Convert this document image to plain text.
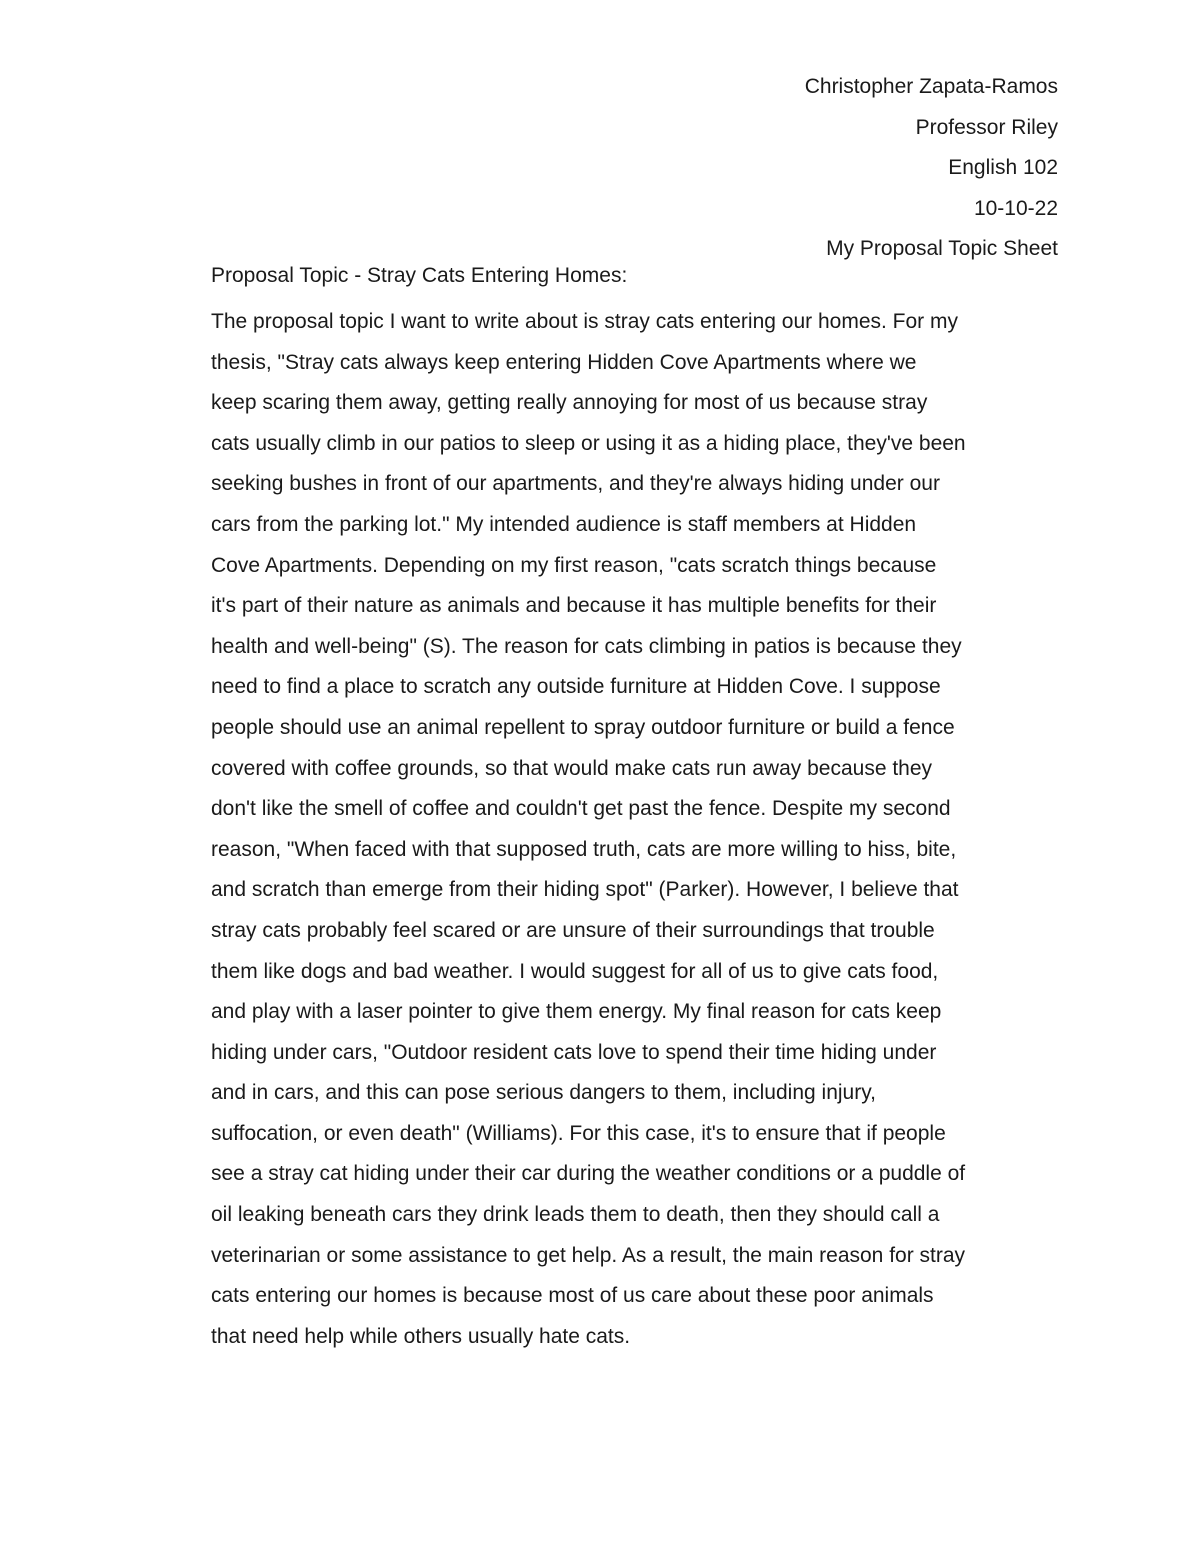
Christopher Zapata-Ramos
Professor Riley
English 102
10-10-22
My Proposal Topic Sheet
Proposal Topic - Stray Cats Entering Homes:
The proposal topic I want to write about is stray cats entering our homes. For my
thesis, "Stray cats always keep entering Hidden Cove Apartments where we
keep scaring them away, getting really annoying for most of us because stray
cats usually climb in our patios to sleep or using it as a hiding place, they've been
seeking bushes in front of our apartments, and they're always hiding under our
cars from the parking lot." My intended audience is staff members at Hidden
Cove Apartments. Depending on my first reason, "cats scratch things because
it's part of their nature as animals and because it has multiple benefits for their
health and well-being" (S). The reason for cats climbing in patios is because they
need to find a place to scratch any outside furniture at Hidden Cove. I suppose
people should use an animal repellent to spray outdoor furniture or build a fence
covered with coffee grounds, so that would make cats run away because they
don't like the smell of coffee and couldn't get past the fence. Despite my second
reason, "When faced with that supposed truth, cats are more willing to hiss, bite,
and scratch than emerge from their hiding spot" (Parker). However, I believe that
stray cats probably feel scared or are unsure of their surroundings that trouble
them like dogs and bad weather. I would suggest for all of us to give cats food,
and play with a laser pointer to give them energy. My final reason for cats keep
hiding under cars, "Outdoor resident cats love to spend their time hiding under
and in cars, and this can pose serious dangers to them, including injury,
suffocation, or even death" (Williams). For this case, it's to ensure that if people
see a stray cat hiding under their car during the weather conditions or a puddle of
oil leaking beneath cars they drink leads them to death, then they should call a
veterinarian or some assistance to get help. As a result, the main reason for stray
cats entering our homes is because most of us care about these poor animals
that need help while others usually hate cats.
